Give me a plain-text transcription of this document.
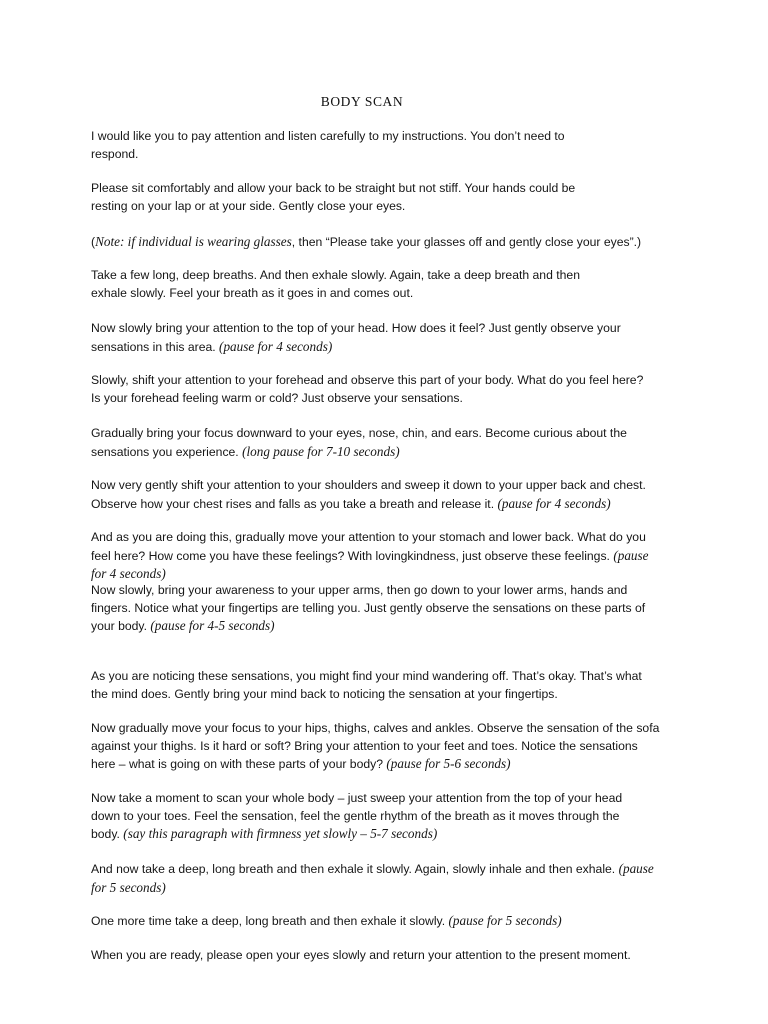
BODY SCAN

I would like you to pay attention and listen carefully to my instructions. You don’t need to
respond.

Please sit comfortably and allow your back to be straight but not stiff. Your hands could be
resting on your lap or at your side. Gently close your eyes.

(Note: if individual is wearing glasses, then “Please take your glasses off and gently close your eyes”.)

Take a few long, deep breaths. And then exhale slowly. Again, take a deep breath and then
exhale slowly. Feel your breath as it goes in and comes out.

Now slowly bring your attention to the top of your head. How does it feel? Just gently observe your
sensations in this area. (pause for 4 seconds)

Slowly, shift your attention to your forehead and observe this part of your body. What do you feel here?
Is your forehead feeling warm or cold? Just observe your sensations.

Gradually bring your focus downward to your eyes, nose, chin, and ears. Become curious about the
sensations you experience. (long pause for 7-10 seconds)

Now very gently shift your attention to your shoulders and sweep it down to your upper back and chest.
Observe how your chest rises and falls as you take a breath and release it. (pause for 4 seconds)

And as you are doing this, gradually move your attention to your stomach and lower back. What do you
feel here? How come you have these feelings? With lovingkindness, just observe these feelings. (pause
for 4 seconds)

Now slowly, bring your awareness to your upper arms, then go down to your lower arms, hands and
fingers. Notice what your fingertips are telling you. Just gently observe the sensations on these parts of
your body. (pause for 4-5 seconds)

As you are noticing these sensations, you might find your mind wandering off. That’s okay. That’s what
the mind does. Gently bring your mind back to noticing the sensation at your fingertips.

Now gradually move your focus to your hips, thighs, calves and ankles. Observe the sensation of the sofa
against your thighs. Is it hard or soft? Bring your attention to your feet and toes. Notice the sensations
here – what is going on with these parts of your body? (pause for 5-6 seconds)

Now take a moment to scan your whole body – just sweep your attention from the top of your head
down to your toes. Feel the sensation, feel the gentle rhythm of the breath as it moves through the
body. (say this paragraph with firmness yet slowly – 5-7 seconds)

And now take a deep, long breath and then exhale it slowly. Again, slowly inhale and then exhale. (pause
for 5 seconds)

One more time take a deep, long breath and then exhale it slowly. (pause for 5 seconds)

When you are ready, please open your eyes slowly and return your attention to the present moment.
